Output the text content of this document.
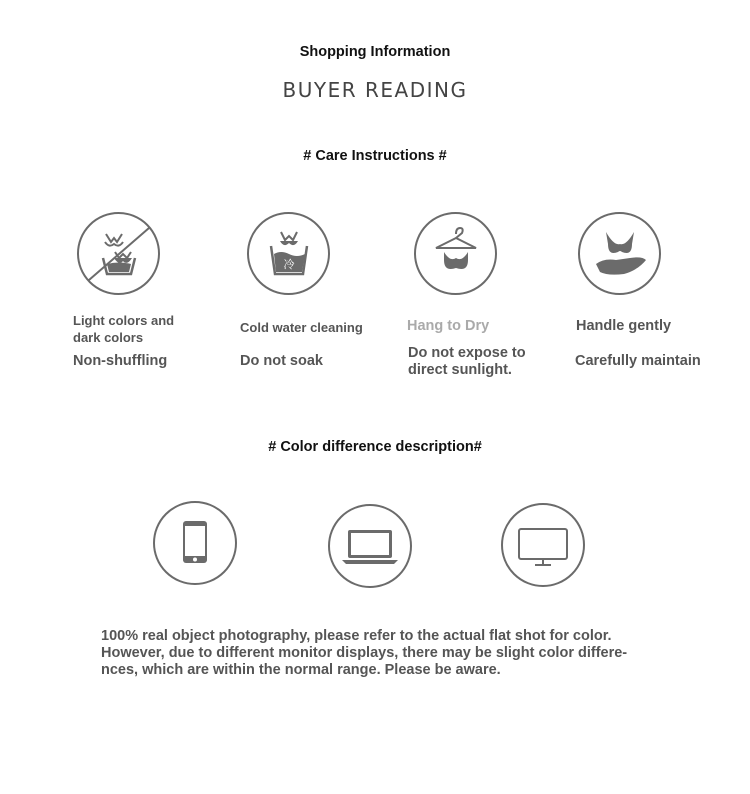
Shopping Information
BUYER READING
# Care Instructions #
Light colors and dark colors
Non-shuffling
冷
Cold water cleaning
Do not soak
Hang to Dry
Do not expose to direct sunlight.
Handle gently
Carefully maintain
# Color difference description#
100% real object photography, please refer to the actual flat shot for color.
However, due to different monitor displays, there may be slight color differe-
nces, which are within the normal range. Please be aware.
